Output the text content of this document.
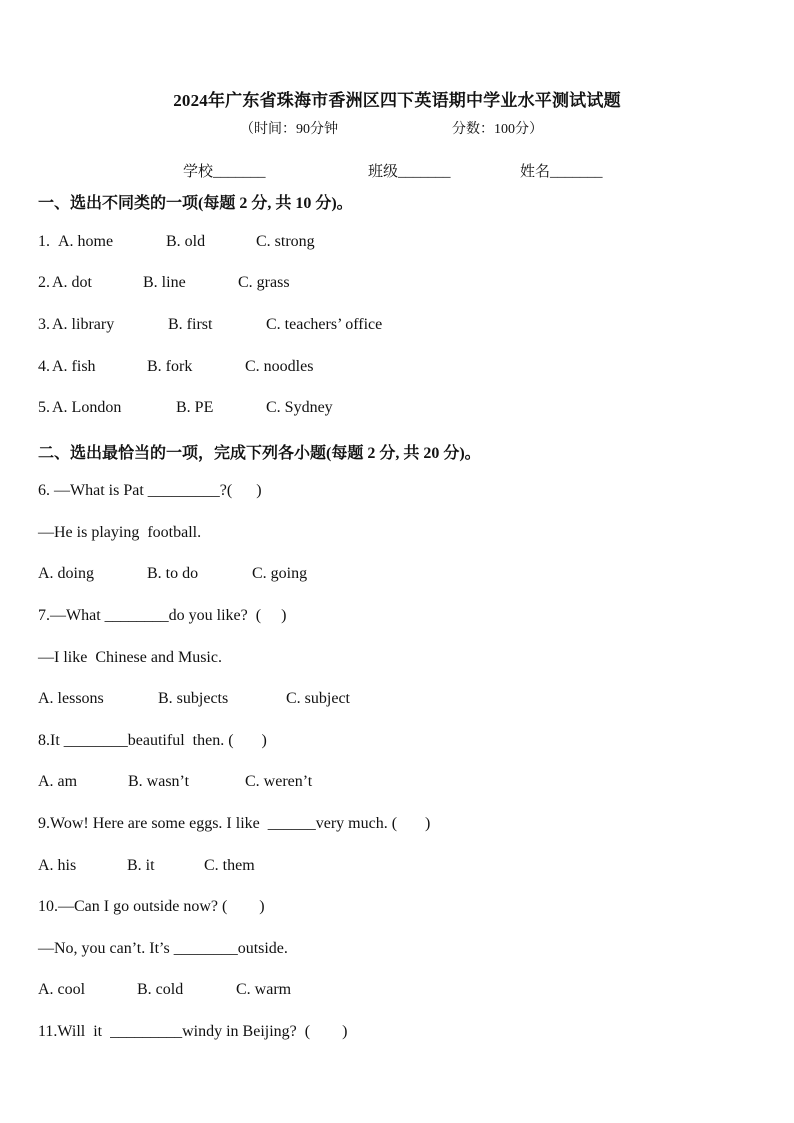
2024年广东省珠海市香洲区四下英语期中学业水平测试试题
（时间：90分钟	分数：100分）
学校_______	班级_______	姓名_______
一、选出不同类的一项(每题 2 分, 共 10 分)。
1. A. home	B. old	C. strong
2. A. dot	B. line	C. grass
3. A. library	B. first	C. teachers’ office
4. A. fish	B. fork	C. noodles
5. A. London	B. PE	C. Sydney
二、选出最恰当的一项，完成下列各小题(每题 2 分, 共 20 分)。
6. —What is Pat _________?(      )
—He is playing  football.
A. doing	B. to do	C. going
7.—What ________do you like?  (     )
—I like  Chinese and Music.
A. lessons	B. subjects	C. subject
8.It ________beautiful  then. (       )
A. am	B. wasn’t	C. weren’t
9.Wow! Here are some eggs. I like  ______very much. (       )
A. his	B. it	C. them
10.—Can I go outside now? (        )
—No, you can’t. It’s ________outside.
A. cool	B. cold	C. warm
11.Will  it  _________windy in Beijing?  (        )
